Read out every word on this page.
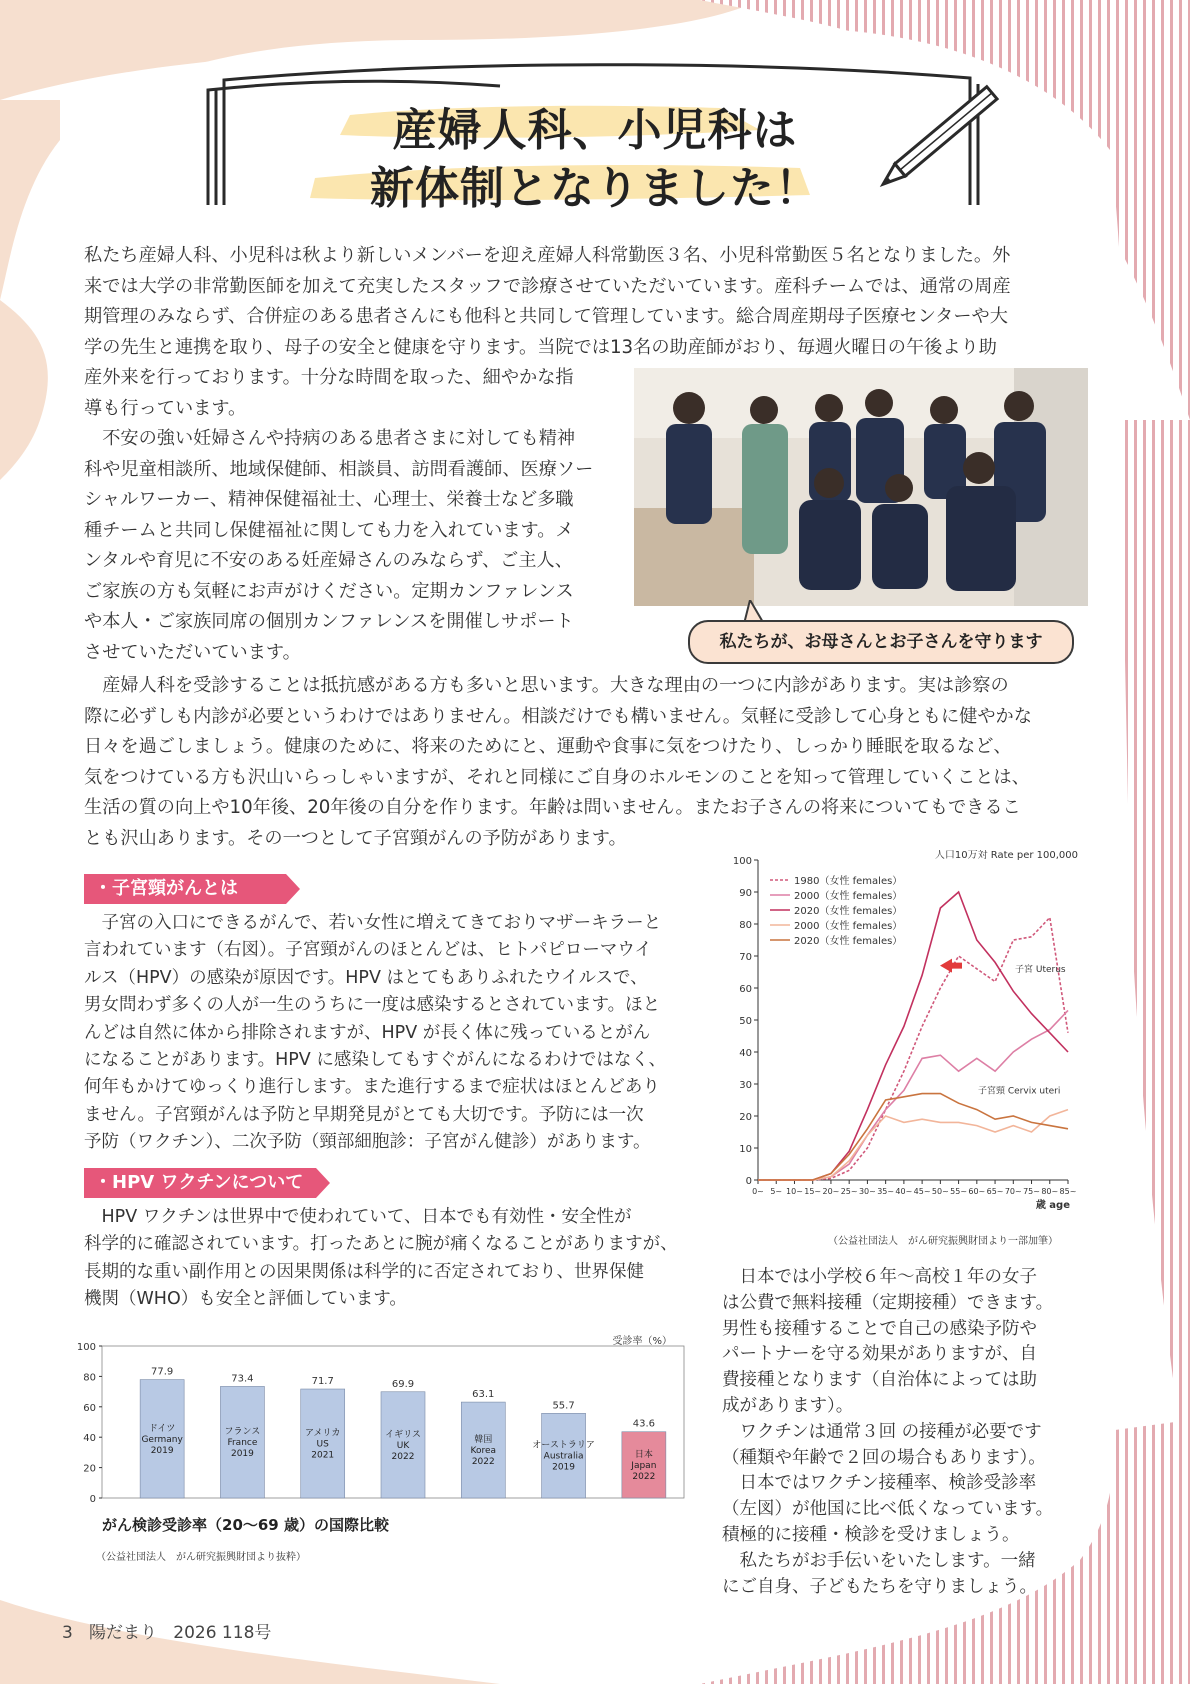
産婦人科、小児科は
新体制となりました！
私たち産婦人科、小児科は秋より新しいメンバーを迎え産婦人科常勤医３名、小児科常勤医５名となりました。外
来では大学の非常勤医師を加えて充実したスタッフで診療させていただいています。産科チームでは、通常の周産
期管理のみならず、合併症のある患者さんにも他科と共同して管理しています。総合周産期母子医療センターや大
学の先生と連携を取り、母子の安全と健康を守ります。当院では13名の助産師がおり、毎週火曜日の午後より助
産外来を行っております。十分な時間を取った、細やかな指
導も行っています。
　不安の強い妊婦さんや持病のある患者さまに対しても精神
科や児童相談所、地域保健師、相談員、訪問看護師、医療ソー
シャルワーカー、精神保健福祉士、心理士、栄養士など多職
種チームと共同し保健福祉に関しても力を入れています。メ
ンタルや育児に不安のある妊産婦さんのみならず、ご主人、
ご家族の方も気軽にお声がけください。定期カンファレンス
や本人・ご家族同席の個別カンファレンスを開催しサポート
させていただいています。	私たちが、お母さんとお子さんを守ります
　産婦人科を受診することは抵抗感がある方も多いと思います。大きな理由の一つに内診があります。実は診察の
際に必ずしも内診が必要というわけではありません。相談だけでも構いません。気軽に受診して心身ともに健やかな
日々を過ごしましょう。健康のために、将来のためにと、運動や食事に気をつけたり、しっかり睡眠を取るなど、
気をつけている方も沢山いらっしゃいますが、それと同様にご自身のホルモンのことを知って管理していくことは、
生活の質の向上や10年後、20年後の自分を作ります。年齢は問いません。またお子さんの将来についてもできるこ
とも沢山あります。その一つとして子宮頸がんの予防があります。
・子宮頸がんとは
　子宮の入口にできるがんで、若い女性に増えてきておりマザーキラーと
言われています（右図）。子宮頸がんのほとんどは、ヒトパピローマウイ
ルス（HPV）の感染が原因です。HPV はとてもありふれたウイルスで、
男女問わず多くの人が一生のうちに一度は感染するとされています。ほと
んどは自然に体から排除されますが、HPV が長く体に残っているとがん
になることがあります。HPV に感染してもすぐがんになるわけではなく、
何年もかけてゆっくり進行します。また進行するまで症状はほとんどあり
ません。子宮頸がんは予防と早期発見がとても大切です。予防には一次
予防（ワクチン）、二次予防（頸部細胞診：子宮がん健診）があります。
・HPV ワクチンについて
　HPV ワクチンは世界中で使われていて、日本でも有効性・安全性が
科学的に確認されています。打ったあとに腕が痛くなることがありますが、
長期的な重い副作用との因果関係は科学的に否定されており、世界保健
機関（WHO）も安全と評価しています。
　日本では小学校６年〜高校１年の女子
は公費で無料接種（定期接種）できます。
男性も接種することで自己の感染予防や
パートナーを守る効果がありますが、自
費接種となります（自治体によっては助
成があります）。
　ワクチンは通常３回 の接種が必要です
（種類や年齢で２回の場合もあります）。
　日本ではワクチン接種率、検診受診率
（左図）が他国に比べ低くなっています。
積極的に接種・検診を受けましょう。
　私たちがお手伝いをいたします。一緒
にご自身、子どもたちを守りましょう。
0
10
20
30
40
50
60
70
80
90
100
0~ 5~ 10~ 15~ 20~ 25~ 30~ 35~ 40~ 45~ 50~ 55~ 60~ 65~ 70~ 75~ 80~ 85~
歳 age
人口10万対 Rate per 100,000
1980（女性 females）
2000（女性 females）
2020（女性 females）
2000（女性 females）
2020（女性 females）
子宮 Uterus
子宮頸 Cervix uteri
（公益社団法人　がん研究振興財団より一部加筆）
0
20
40
60
80
100
受診率（%）
77.9
ドイツ
Germany
2019
73.4
フランス
France
2019
71.7
アメリカ
US
2021
69.9
イギリス
UK
2022
63.1
韓国
Korea
2022
55.7
オーストラリア
Australia
2019
43.6
日本
Japan
2022
がん検診受診率（20〜69 歳）の国際比較
（公益社団法人　がん研究振興財団より抜粋）
3 陽だまり 2026 118号
